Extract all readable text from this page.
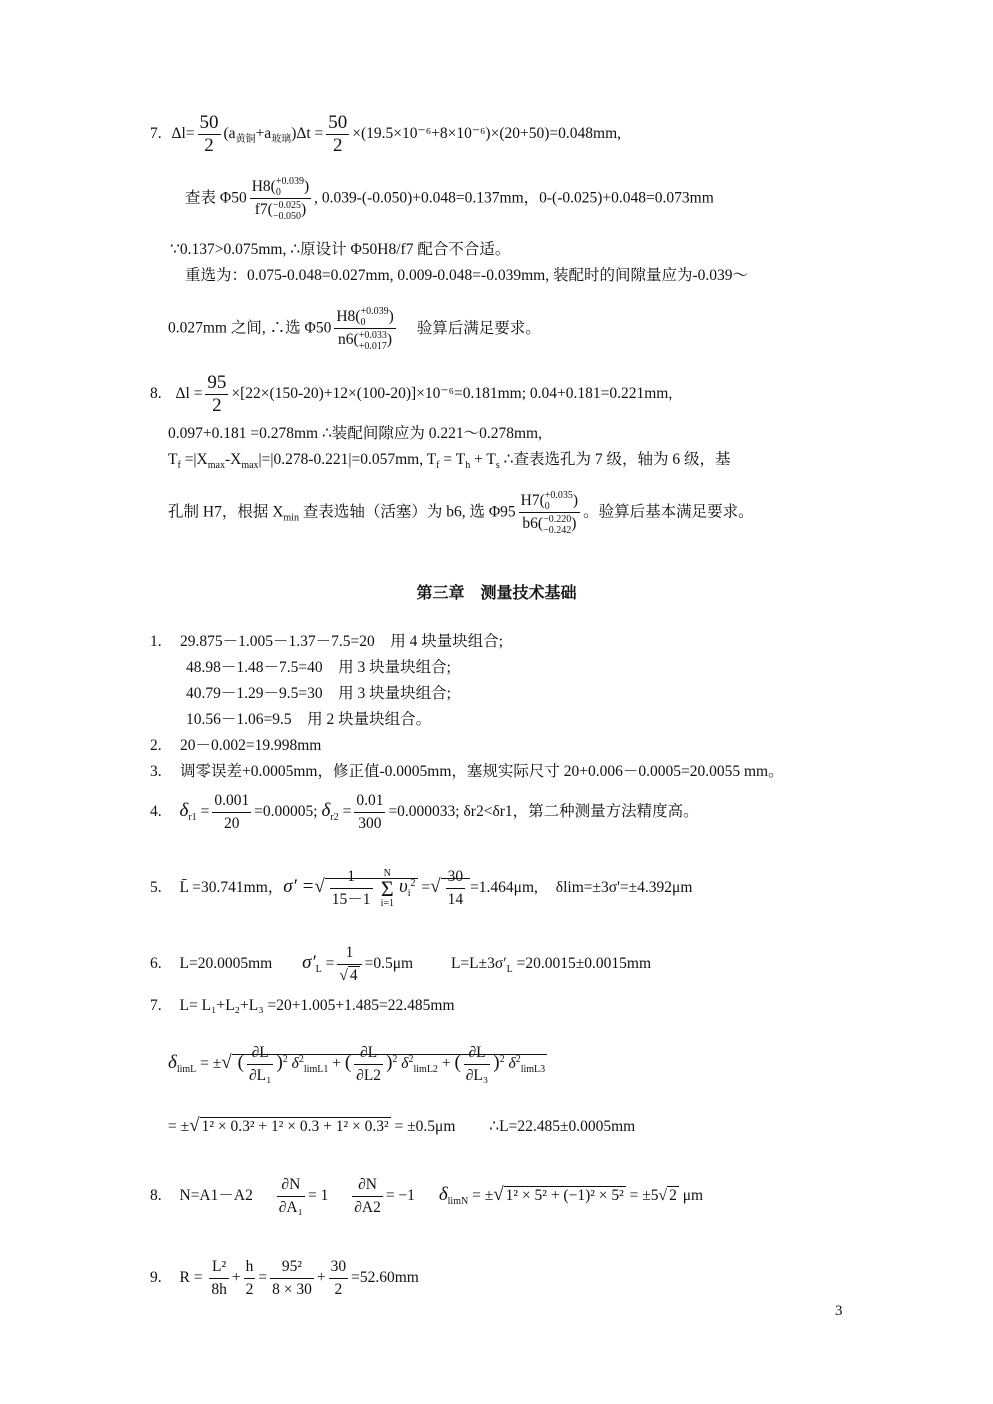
7. $\Delta l= \frac{50}{2} (a_{黄铜}+a_{玻璃})\Delta t = \frac{50}{2} \times(19.5\times 10^{-6}+8\times 10^{-6})\times(20+50)=0.048mm$,
查表 Φ50 H8( +0.039
0	)
f7( −0.025
−0.050 ) , 0.039-(-0.050)+0.048=0.137mm，0-(-0.025)+0.048=0.073mm
∵0.137>0.075mm, ∴原设计 Φ50H8/f7 配合不合适。
重选为：0.075-0.048=0.027mm, 0.009-0.048=-0.039mm, 装配时的间隙量应为-0.039～
0.027mm 之间, ∴选 Φ50 H8( +0.039
0	)
n6( +0.033
+0.017 ) 验算后满足要求。
8. $\Delta l = \frac{95}{2} \times[22\times(150-20)+12\times(100-20)]\times 10^{-6}=0.181mm$; 0.04+0.181=0.221mm,
0.097+0.181 =0.278mm ∴装配间隙应为 0.221～0.278mm,
$T_f =|X_{max}-X_{max}|=|0.278-0.221|=0.057mm$, $T_f = T_h + T_s$ ∴查表选孔为 7 级，轴为 6 级，基
孔制 H7，根据 $X_{min}$ 查表选轴（活塞）为 b6, 选 Φ95 H7( +0.035
0	)
b6( −0.220
−0.242 ) 。验算后基本满足要求。
第三章　测量技术基础
1. 29.875－1.005－1.37－7.5=20　用 4 块量块组合;
48.98－1.48－7.5=40　用 3 块量块组合;
40.79－1.29－9.5=30　用 3 块量块组合;
10.56－1.06=9.5　用 2 块量块组合。
2. 20－0.002=19.998mm
3. 调零误差+0.0005mm，修正值-0.0005mm，塞规实际尺寸 20+0.006－0.0005=20.0055 mm。
4. $\delta_{r1} = \frac{0.001}{20} =0.00005$; $\delta_{r2} = \frac{0.01}{300} =0.000033$; δr2<δr1，第二种测量方法精度高。
5. L̄ =30.741mm，σ′ =√ $\frac{1}{15-1}$	N
Σ
i=1
$\upsilon_i^2$ =√ $\frac{30}{14} =1.464\mu m$, δlim=±3σ'=±4.392μm
6. L=20.0005mm $\sigma'_L = \frac{1}{√ 4} =0.5\mu m$ $L=L\pm 3\sigma'_L =20.0015\pm 0.0015mm$
7. L= L₁+L₂+L₃ =20+1.005+1.485=22.485mm
$\delta_{limL}$ = ±√ ( $\frac{\partial L}{\text{∂L₁}} )^2$ $\delta^2_{limL1}$ + ( $\frac{\partial L}{\partial L2} )^2$ $\delta^2_{limL2}$ + ( $\frac{\partial L}{\text{∂L₃}} )^2$ $\delta^2_{limL3}$
= ±√ 1² × 0.3² + 1² × 0.3 + 1² × 0.3² = ±0.5μm ∴L=22.485±0.0005mm
8. $N=A1-A2 \frac{\partial N}{\text{∂A₁}} = 1 \frac{\partial N}{\partial A2} = -1$ $\delta_{limN}$ = ±√ 1² × 5² + (−1)² × 5² = ±5√ 2 μm
9. $R = \frac{\text{L²}}{8h} + \frac{h}{2} = \frac{\text{95²}}{8 \times 30} + \frac{30}{2} =52.60mm$
3
